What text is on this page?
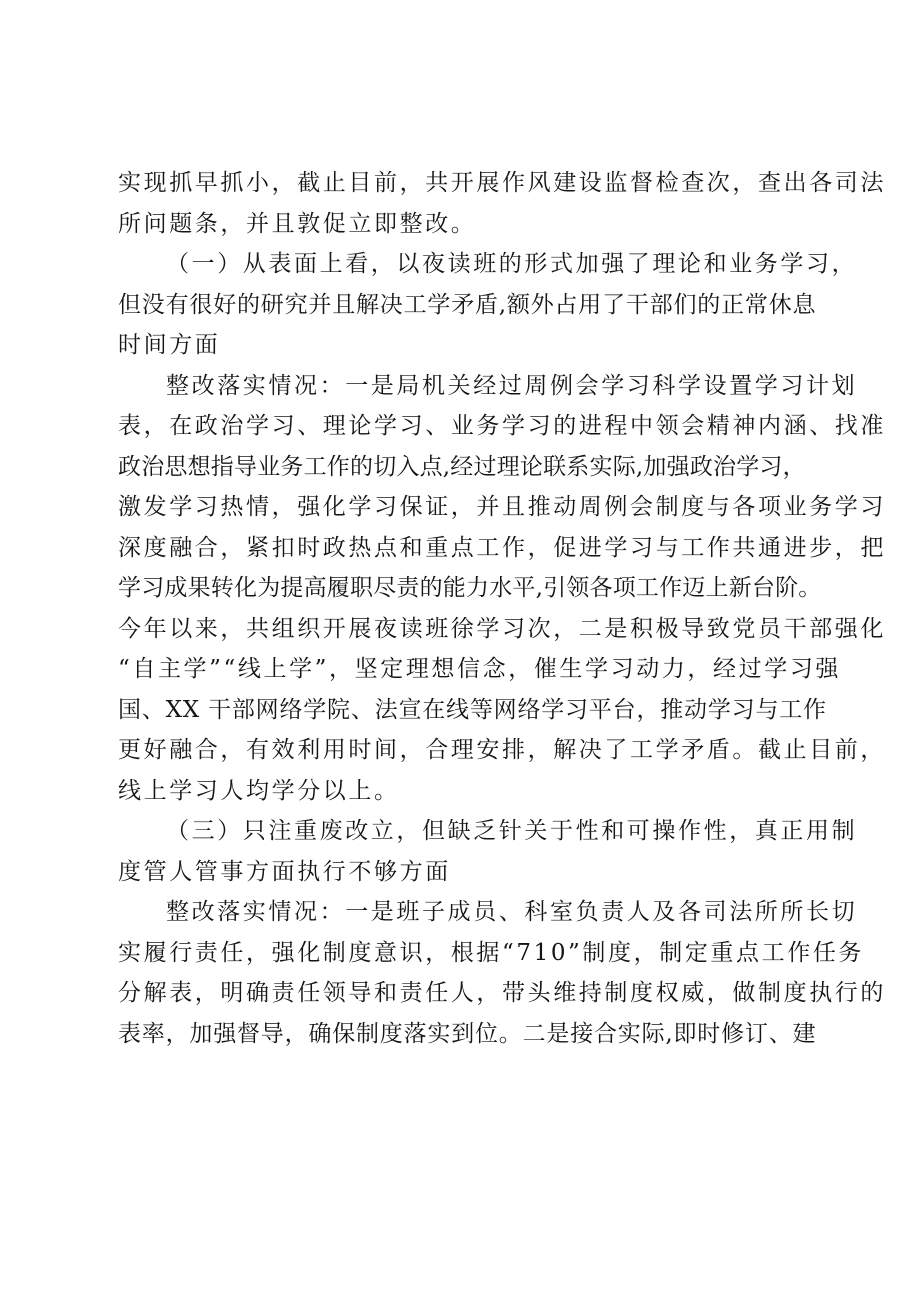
实现抓早抓小，截止目前，共开展作风建设监督检查次，查出各司法
所问题条，并且敦促立即整改。
（一）从表面上看，以夜读班的形式加强了理论和业务学习，
但没有很好的研究并且解决工学矛盾,额外占用了干部们的正常休息
时间方面
整改落实情况：一是局机关经过周例会学习科学设置学习计划
表，在政治学习、理论学习、业务学习的进程中领会精神内涵、找准
政治思想指导业务工作的切入点,经过理论联系实际,加强政治学习，
激发学习热情，强化学习保证，并且推动周例会制度与各项业务学习
深度融合，紧扣时政热点和重点工作，促进学习与工作共通进步，把
学习成果转化为提高履职尽责的能力水平,引领各项工作迈上新台阶。
今年以来，共组织开展夜读班徐学习次，二是积极导致党员干部强化
“自主学”“线上学”，坚定理想信念，催生学习动力，经过学习强
国、XX 干部网络学院、法宣在线等网络学习平台，推动学习与工作
更好融合，有效利用时间，合理安排，解决了工学矛盾。截止目前，
线上学习人均学分以上。
（三）只注重废改立，但缺乏针关于性和可操作性，真正用制
度管人管事方面执行不够方面
整改落实情况：一是班子成员、科室负责人及各司法所所长切
实履行责任，强化制度意识，根据“710”制度，制定重点工作任务
分解表，明确责任领导和责任人，带头维持制度权威，做制度执行的
表率，加强督导，确保制度落实到位。二是接合实际,即时修订、建
